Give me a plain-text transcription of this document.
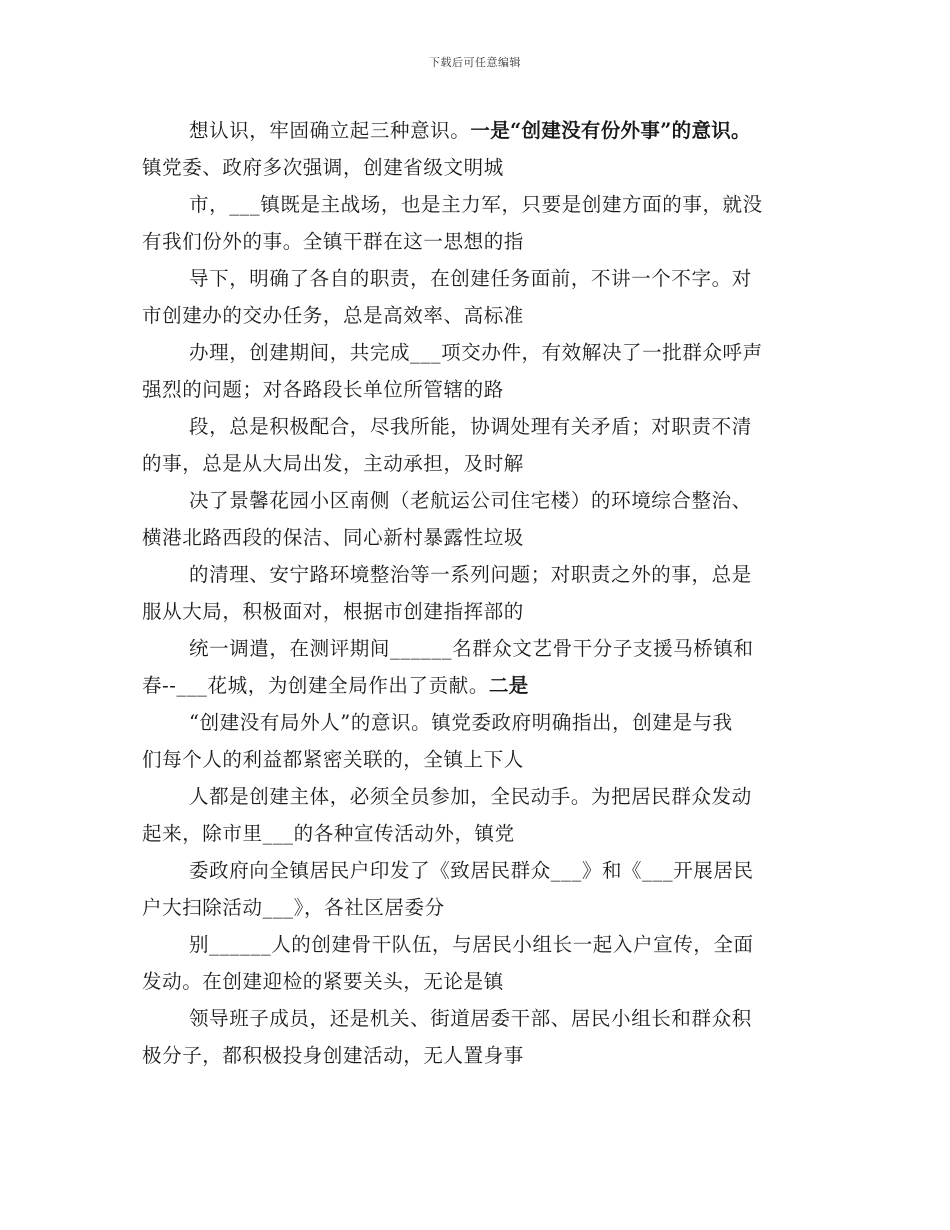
下载后可任意编辑
想认识，牢固确立起三种意识。一是“创建没有份外事”的意识。
镇党委、政府多次强调，创建省级文明城
市，___镇既是主战场，也是主力军，只要是创建方面的事，就没
有我们份外的事。全镇干群在这一思想的指
导下，明确了各自的职责，在创建任务面前，不讲一个不字。对
市创建办的交办任务，总是高效率、高标准
办理，创建期间，共完成___项交办件，有效解决了一批群众呼声
强烈的问题；对各路段长单位所管辖的路
段，总是积极配合，尽我所能，协调处理有关矛盾；对职责不清
的事，总是从大局出发，主动承担，及时解
决了景馨花园小区南侧（老航运公司住宅楼）的环境综合整治、
横港北路西段的保洁、同心新村暴露性垃圾
的清理、安宁路环境整治等一系列问题；对职责之外的事，总是
服从大局，积极面对，根据市创建指挥部的
统一调遣，在测评期间______名群众文艺骨干分子支援马桥镇和
春--___花城，为创建全局作出了贡献。二是
“创建没有局外人”的意识。镇党委政府明确指出，创建是与我
们每个人的利益都紧密关联的，全镇上下人
人都是创建主体，必须全员参加，全民动手。为把居民群众发动
起来，除市里___的各种宣传活动外，镇党
委政府向全镇居民户印发了《致居民群众___》和《___开展居民
户大扫除活动___》，各社区居委分
别______人的创建骨干队伍，与居民小组长一起入户宣传，全面
发动。在创建迎检的紧要关头，无论是镇
领导班子成员，还是机关、街道居委干部、居民小组长和群众积
极分子，都积极投身创建活动，无人置身事
